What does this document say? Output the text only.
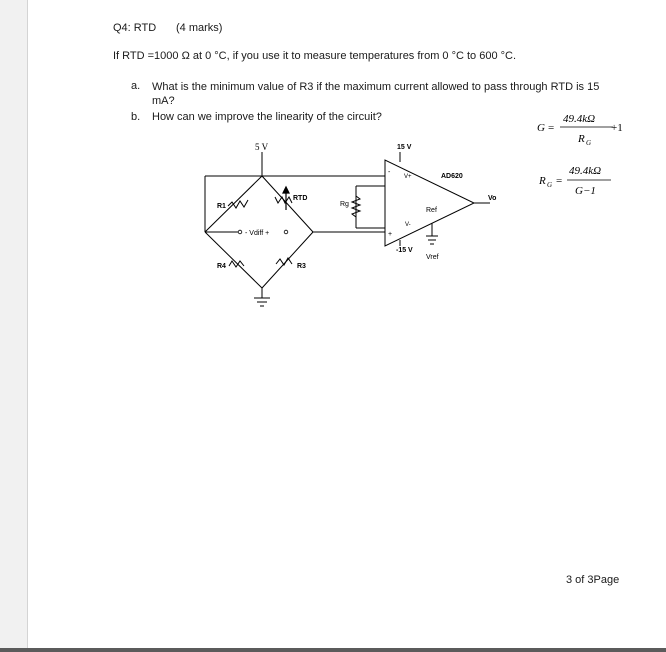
Q4: RTD (4 marks)
If RTD =1000 Ω at 0 °C, if you use it to measure temperatures from 0 °C to 600 °C.
a. What is the minimum value of R3 if the maximum current allowed to pass through RTD is 15 mA?
b. How can we improve the linearity of the circuit?
5 V
R1
RTD
R4	R3
- Vdiff +
Rg
15 V
-15 V
V+
V-
-
+
AD620
Ref
Vref
Vo
G =
49.4kΩ
R G
+1
R G =
49.4kΩ
G−1
3 of 3Page
